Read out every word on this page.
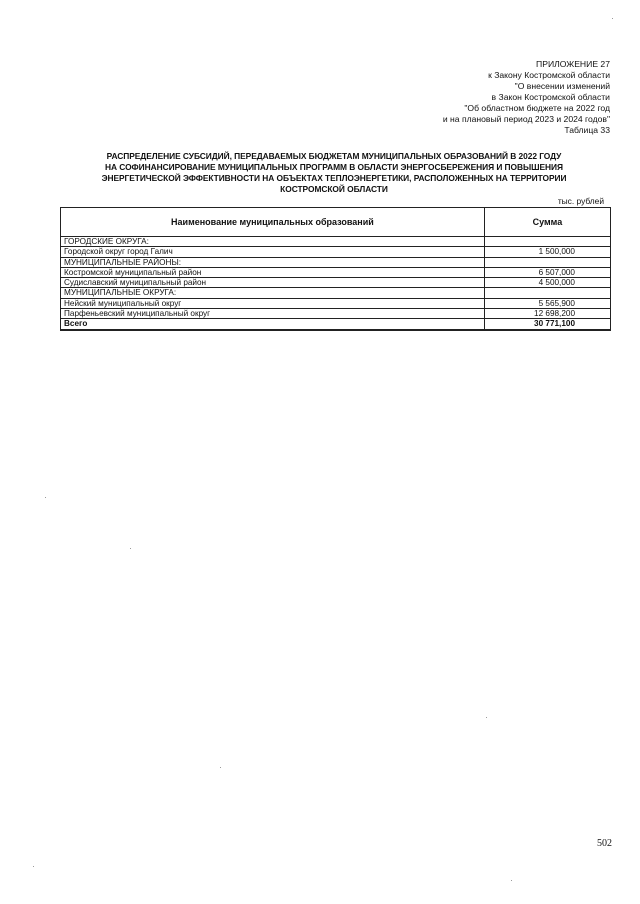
ПРИЛОЖЕНИЕ 27
к Закону Костромской области
"О внесении изменений
в Закон Костромской области
"Об областном бюджете на 2022 год
и на плановый период 2023 и 2024 годов"
Таблица 33
РАСПРЕДЕЛЕНИЕ СУБСИДИЙ, ПЕРЕДАВАЕМЫХ БЮДЖЕТАМ МУНИЦИПАЛЬНЫХ ОБРАЗОВАНИЙ В 2022 ГОДУ
НА СОФИНАНСИРОВАНИЕ МУНИЦИПАЛЬНЫХ ПРОГРАММ В ОБЛАСТИ ЭНЕРГОСБЕРЕЖЕНИЯ И ПОВЫШЕНИЯ
ЭНЕРГЕТИЧЕСКОЙ ЭФФЕКТИВНОСТИ НА ОБЪЕКТАХ ТЕПЛОЭНЕРГЕТИКИ, РАСПОЛОЖЕННЫХ НА ТЕРРИТОРИИ
КОСТРОМСКОЙ ОБЛАСТИ
тыс. рублей
Наименование муниципальных образований	Сумма
ГОРОДСКИЕ ОКРУГА:	
Городской округ город Галич	1 500,000
МУНИЦИПАЛЬНЫЕ РАЙОНЫ:	
Костромской муниципальный район	6 507,000
Судиславский муниципальный район	4 500,000
МУНИЦИПАЛЬНЫЕ ОКРУГА:	
Нейский муниципальный округ	5 565,900
Парфеньевский муниципальный округ	12 698,200
Всего	30 771,100
502
